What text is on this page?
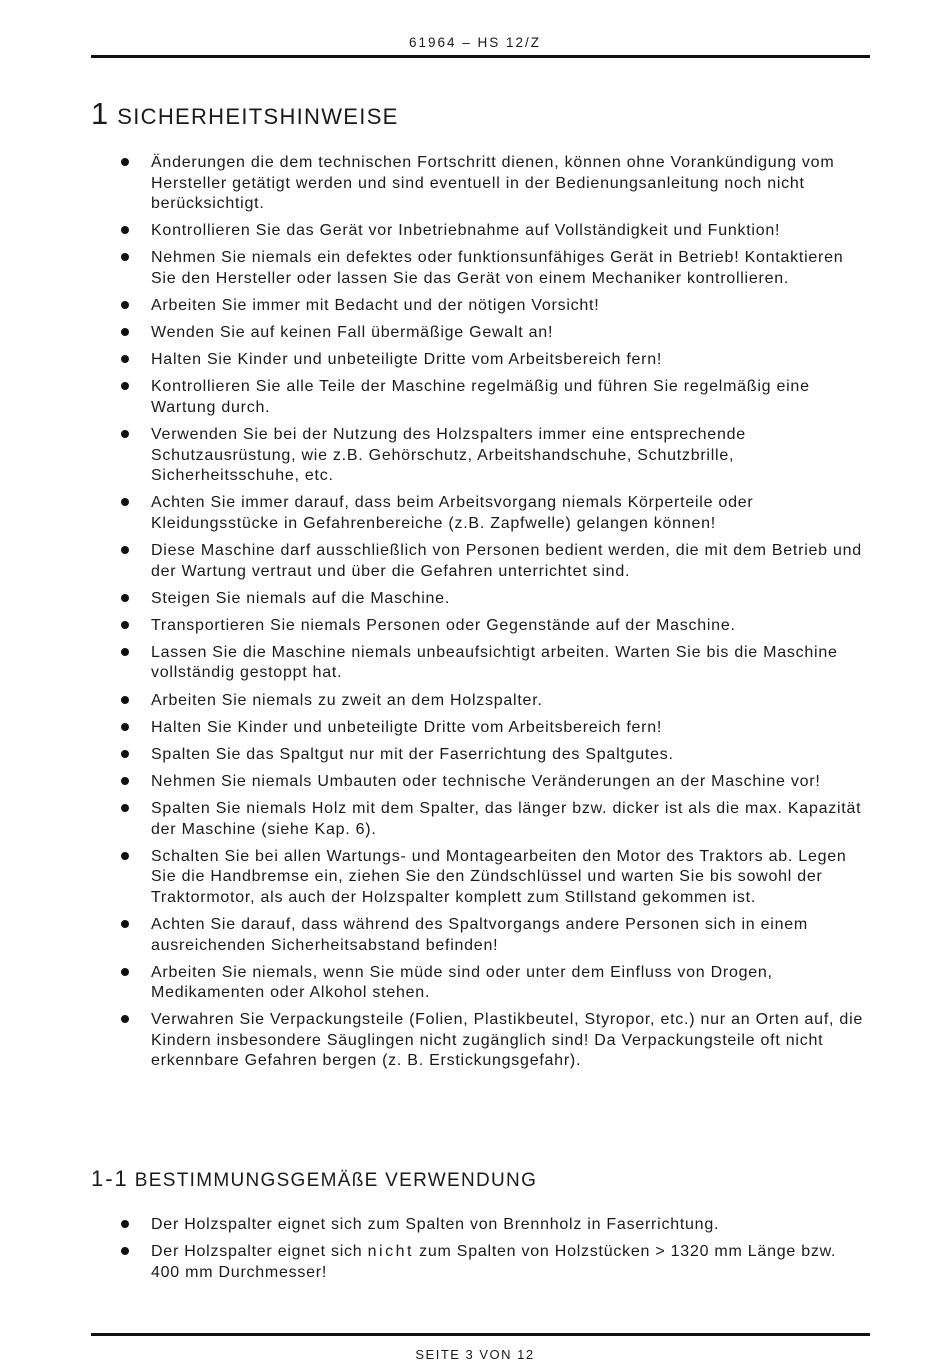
61964 – HS 12/Z
1 SICHERHEITSHINWEISE
Änderungen die dem technischen Fortschritt dienen, können ohne Vorankündigung vom Hersteller getätigt werden und sind eventuell in der Bedienungsanleitung noch nicht berücksichtigt.
Kontrollieren Sie das Gerät vor Inbetriebnahme auf Vollständigkeit und Funktion!
Nehmen Sie niemals ein defektes oder funktionsunfähiges Gerät in Betrieb! Kontaktieren Sie den Hersteller oder lassen Sie das Gerät von einem Mechaniker kontrollieren.
Arbeiten Sie immer mit Bedacht und der nötigen Vorsicht!
Wenden Sie auf keinen Fall übermäßige Gewalt an!
Halten Sie Kinder und unbeteiligte Dritte vom Arbeitsbereich fern!
Kontrollieren Sie alle Teile der Maschine regelmäßig und führen Sie regelmäßig eine Wartung durch.
Verwenden Sie bei der Nutzung des Holzspalters immer eine entsprechende Schutzausrüstung, wie z.B. Gehörschutz, Arbeitshandschuhe, Schutzbrille, Sicherheitsschuhe, etc.
Achten Sie immer darauf, dass beim Arbeitsvorgang niemals Körperteile oder Kleidungsstücke in Gefahrenbereiche (z.B. Zapfwelle) gelangen können!
Diese Maschine darf ausschließlich von Personen bedient werden, die mit dem Betrieb und der Wartung vertraut und über die Gefahren unterrichtet sind.
Steigen Sie niemals auf die Maschine.
Transportieren Sie niemals Personen oder Gegenstände auf der Maschine.
Lassen Sie die Maschine niemals unbeaufsichtigt arbeiten. Warten Sie bis die Maschine vollständig gestoppt hat.
Arbeiten Sie niemals zu zweit an dem Holzspalter.
Halten Sie Kinder und unbeteiligte Dritte vom Arbeitsbereich fern!
Spalten Sie das Spaltgut nur mit der Faserrichtung des Spaltgutes.
Nehmen Sie niemals Umbauten oder technische Veränderungen an der Maschine vor!
Spalten Sie niemals Holz mit dem Spalter, das länger bzw. dicker ist als die max. Kapazität der Maschine (siehe Kap. 6).
Schalten Sie bei allen Wartungs- und Montagearbeiten den Motor des Traktors ab. Legen Sie die Handbremse ein, ziehen Sie den Zündschlüssel und warten Sie bis sowohl der Traktormotor, als auch der Holzspalter komplett zum Stillstand gekommen ist.
Achten Sie darauf, dass während des Spaltvorgangs andere Personen sich in einem ausreichenden Sicherheitsabstand befinden!
Arbeiten Sie niemals, wenn Sie müde sind oder unter dem Einfluss von Drogen, Medikamenten oder Alkohol stehen.
Verwahren Sie Verpackungsteile (Folien, Plastikbeutel, Styropor, etc.) nur an Orten auf, die Kindern insbesondere Säuglingen nicht zugänglich sind! Da Verpackungsteile oft nicht erkennbare Gefahren bergen (z. B. Erstickungsgefahr).
1-1 BESTIMMUNGSGEMÄßE VERWENDUNG
Der Holzspalter eignet sich zum Spalten von Brennholz in Faserrichtung.
Der Holzspalter eignet sich nicht zum Spalten von Holzstücken > 1320 mm Länge bzw. 400 mm Durchmesser!
SEITE 3 VON 12
